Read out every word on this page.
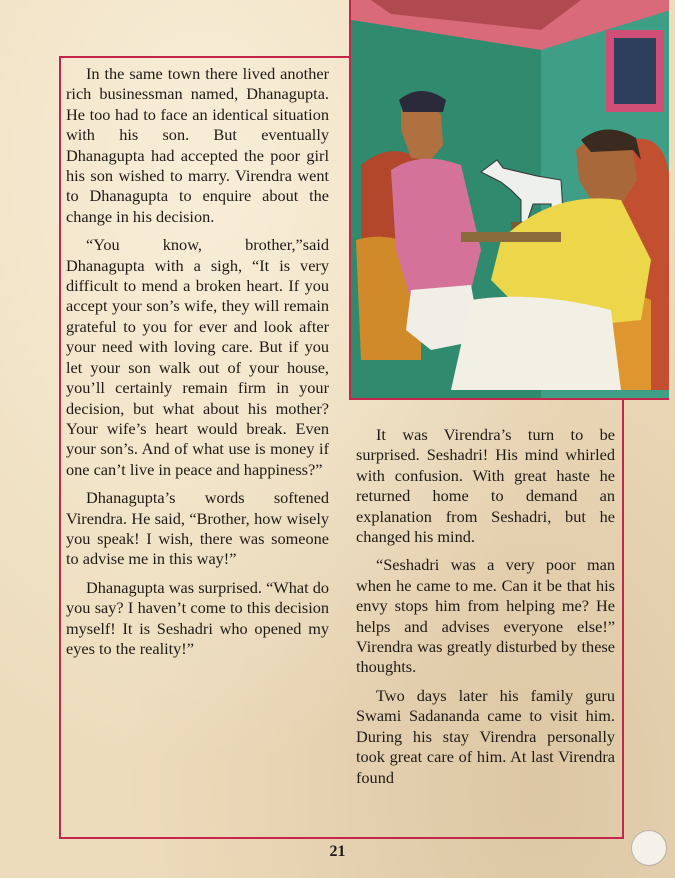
In the same town there lived another rich businessman named, Dhanagupta. He too had to face an identical situation with his son. But eventually Dhanagupta had accepted the poor girl his son wished to marry. Virendra went to Dhanagupta to enquire about the change in his decision.

“You know, brother,”said Dhanagupta with a sigh, “It is very difficult to mend a broken heart. If you accept your son’s wife, they will remain grateful to you for ever and look after your need with loving care. But if you let your son walk out of your house, you’ll certainly remain firm in your decision, but what about his mother? Your wife’s heart would break. Even your son’s. And of what use is money if one can’t live in peace and happiness?”

Dhanagupta’s words softened Virendra. He said, “Brother, how wisely you speak! I wish, there was someone to advise me in this way!”

Dhanagupta was surprised. “What do you say? I haven’t come to this decision myself! It is Seshadri who opened my eyes to the reality!”

It was Virendra’s turn to be surprised. Seshadri! His mind whirled with confusion. With great haste he returned home to demand an explanation from Seshadri, but he changed his mind.

“Seshadri was a very poor man when he came to me. Can it be that his envy stops him from helping me? He helps and advises everyone else!” Virendra was greatly disturbed by these thoughts.

Two days later his family guru Swami Sadananda came to visit him. During his stay Virendra personally took great care of him. At last Virendra found

21
